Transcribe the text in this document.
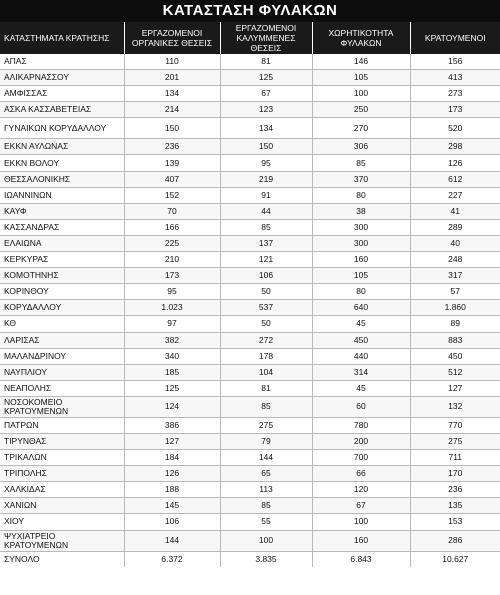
ΚΑΤΑΣΤΑΣΗ ΦΥΛΑΚΩΝ
ΚΑΤΑΣΤΗΜΑΤΑ ΚΡΑΤΗΣΗΣ	ΕΡΓΑΖΟΜΕΝΟΙ ΟΡΓΑΝΙΚΕΣ ΘΕΣΕΙΣ	ΕΡΓΑΖΟΜΕΝΟΙ ΚΑΛΥΜΜΕΝΕΣ ΘΕΣΕΙΣ	ΧΩΡΗΤΙΚΟΤΗΤΑ ΦΥΛΑΚΩΝ	ΚΡΑΤΟΥΜΕΝΟΙ
ΑΠΑΣ	110	81	146	156
ΑΛΙΚΑΡΝΑΣΣΟΥ	201	125	105	413
ΑΜΦΙΣΣΑΣ	134	67	100	273
ΑΣΚΑ ΚΑΣΣΑΒΕΤΕΙΑΣ	214	123	250	173
ΓΥΝΑΙΚΩΝ ΚΟΡΥΔΑΛΛΟΥ	150	134	270	520
ΕΚΚΝ ΑΥΛΩΝΑΣ	236	150	306	298
ΕΚΚΝ ΒΟΛΟΥ	139	95	85	126
ΘΕΣΣΑΛΟΝΙΚΗΣ	407	219	370	612
ΙΩΑΝΝΙΝΩΝ	152	91	80	227
ΚΑΥΦ	70	44	38	41
ΚΑΣΣΑΝΔΡΑΣ	166	85	300	289
ΕΛΑΙΩΝΑ	225	137	300	40
ΚΕΡΚΥΡΑΣ	210	121	160	248
ΚΟΜΟΤΗΝΗΣ	173	106	105	317
ΚΟΡΙΝΘΟΥ	95	50	80	57
ΚΟΡΥΔΑΛΛΟΥ	1.023	537	640	1.860
ΚΘ	97	50	45	89
ΛΑΡΙΣΑΣ	382	272	450	883
ΜΑΛΑΝΔΡΙΝΟΥ	340	178	440	450
ΝΑΥΠΛΙΟΥ	185	104	314	512
ΝΕΑΠΟΛΗΣ	125	81	45	127
ΝΟΣΟΚΟΜΕΙΟ ΚΡΑΤΟΥΜΕΝΩΝ	124	85	60	132
ΠΑΤΡΩΝ	386	275	780	770
ΤΙΡΥΝΘΑΣ	127	79	200	275
ΤΡΙΚΑΛΩΝ	184	144	700	711
ΤΡΙΠΟΛΗΣ	126	65	66	170
ΧΑΛΚΙΔΑΣ	188	113	120	236
ΧΑΝΙΩΝ	145	85	67	135
ΧΙΟΥ	106	55	100	153
ΨΥΧΙΑΤΡΕΙΟ ΚΡΑΤΟΥΜΕΝΩΝ	144	100	160	286
ΣΥΝΟΛΟ	6.372	3.835	6.843	10.627
